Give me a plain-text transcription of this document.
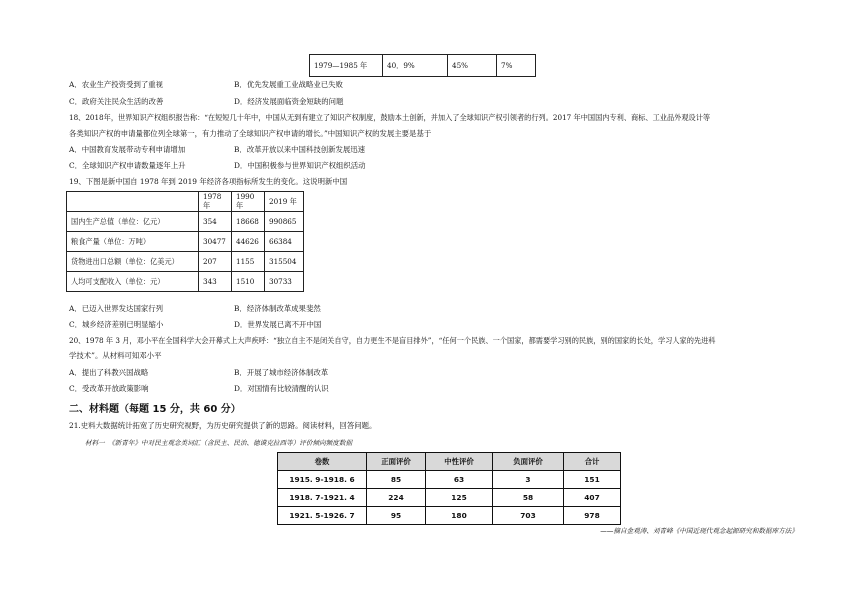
1979—1985 年	40．9%	45%	7%
A．农业生产投资受到了重视	B．优先发展重工业战略业已失败
C．政府关注民众生活的改善	D．经济发展面临资金短缺的问题
18、2018年，世界知识产权组织报告称：“在短短几十年中，中国从无到有建立了知识产权制度，鼓励本土创新，并加入了全球知识产权引领者的行列。2017 年中国国内专利、商标、工业品外观设计等
各类知识产权的申请量都位列全球第一，有力推动了全球知识产权申请的增长。”中国知识产权的发展主要是基于
A．中国教育发展带动专利申请增加	B．改革开放以来中国科技创新发展迅速
C．全球知识产权申请数量逐年上升	D．中国积极参与世界知识产权组织活动
19、下图是新中国自 1978 年到 2019 年经济各项指标所发生的变化。这说明新中国
	1978 年	1990 年	2019 年
国内生产总值（单位：亿元）	354	18668	990865
粮食产量（单位：万吨）	30477	44626	66384
货物进出口总额（单位：亿美元）	207	1155	315504
人均可支配收入（单位：元）	343	1510	30733
A．已迈入世界发达国家行列	B．经济体制改革成果斐然
C．城乡经济差别已明显缩小	D．世界发展已离不开中国
20、1978 年 3 月，邓小平在全国科学大会开幕式上大声疾呼：“独立自主不是闭关自守，自力更生不是盲目排外”，“任何一个民族、一个国家，都需要学习别的民族，别的国家的长处，学习人家的先进科
学技术”。从材料可知邓小平
A．提出了科教兴国战略	B．开展了城市经济体制改革
C．受改革开放政策影响	D．对国情有比较清醒的认识
二、材料题（每题 15 分，共 60 分）
21.史料大数据统计拓宽了历史研究视野，为历史研究提供了新的思路。阅读材料，回答问题。
材料一　《新青年》中对民主观念类词汇（含民主、民治、德谟克拉西等）评价倾向频度数据
卷数	正面评价	中性评价	负面评价	合计
1915. 9-1918. 6	85	63	3	151
1918. 7-1921. 4	224	125	58	407
1921. 5-1926. 7	95	180	703	978
——摘自金观涛、刘青峰《中国近现代观念起源研究和数据库方法》
